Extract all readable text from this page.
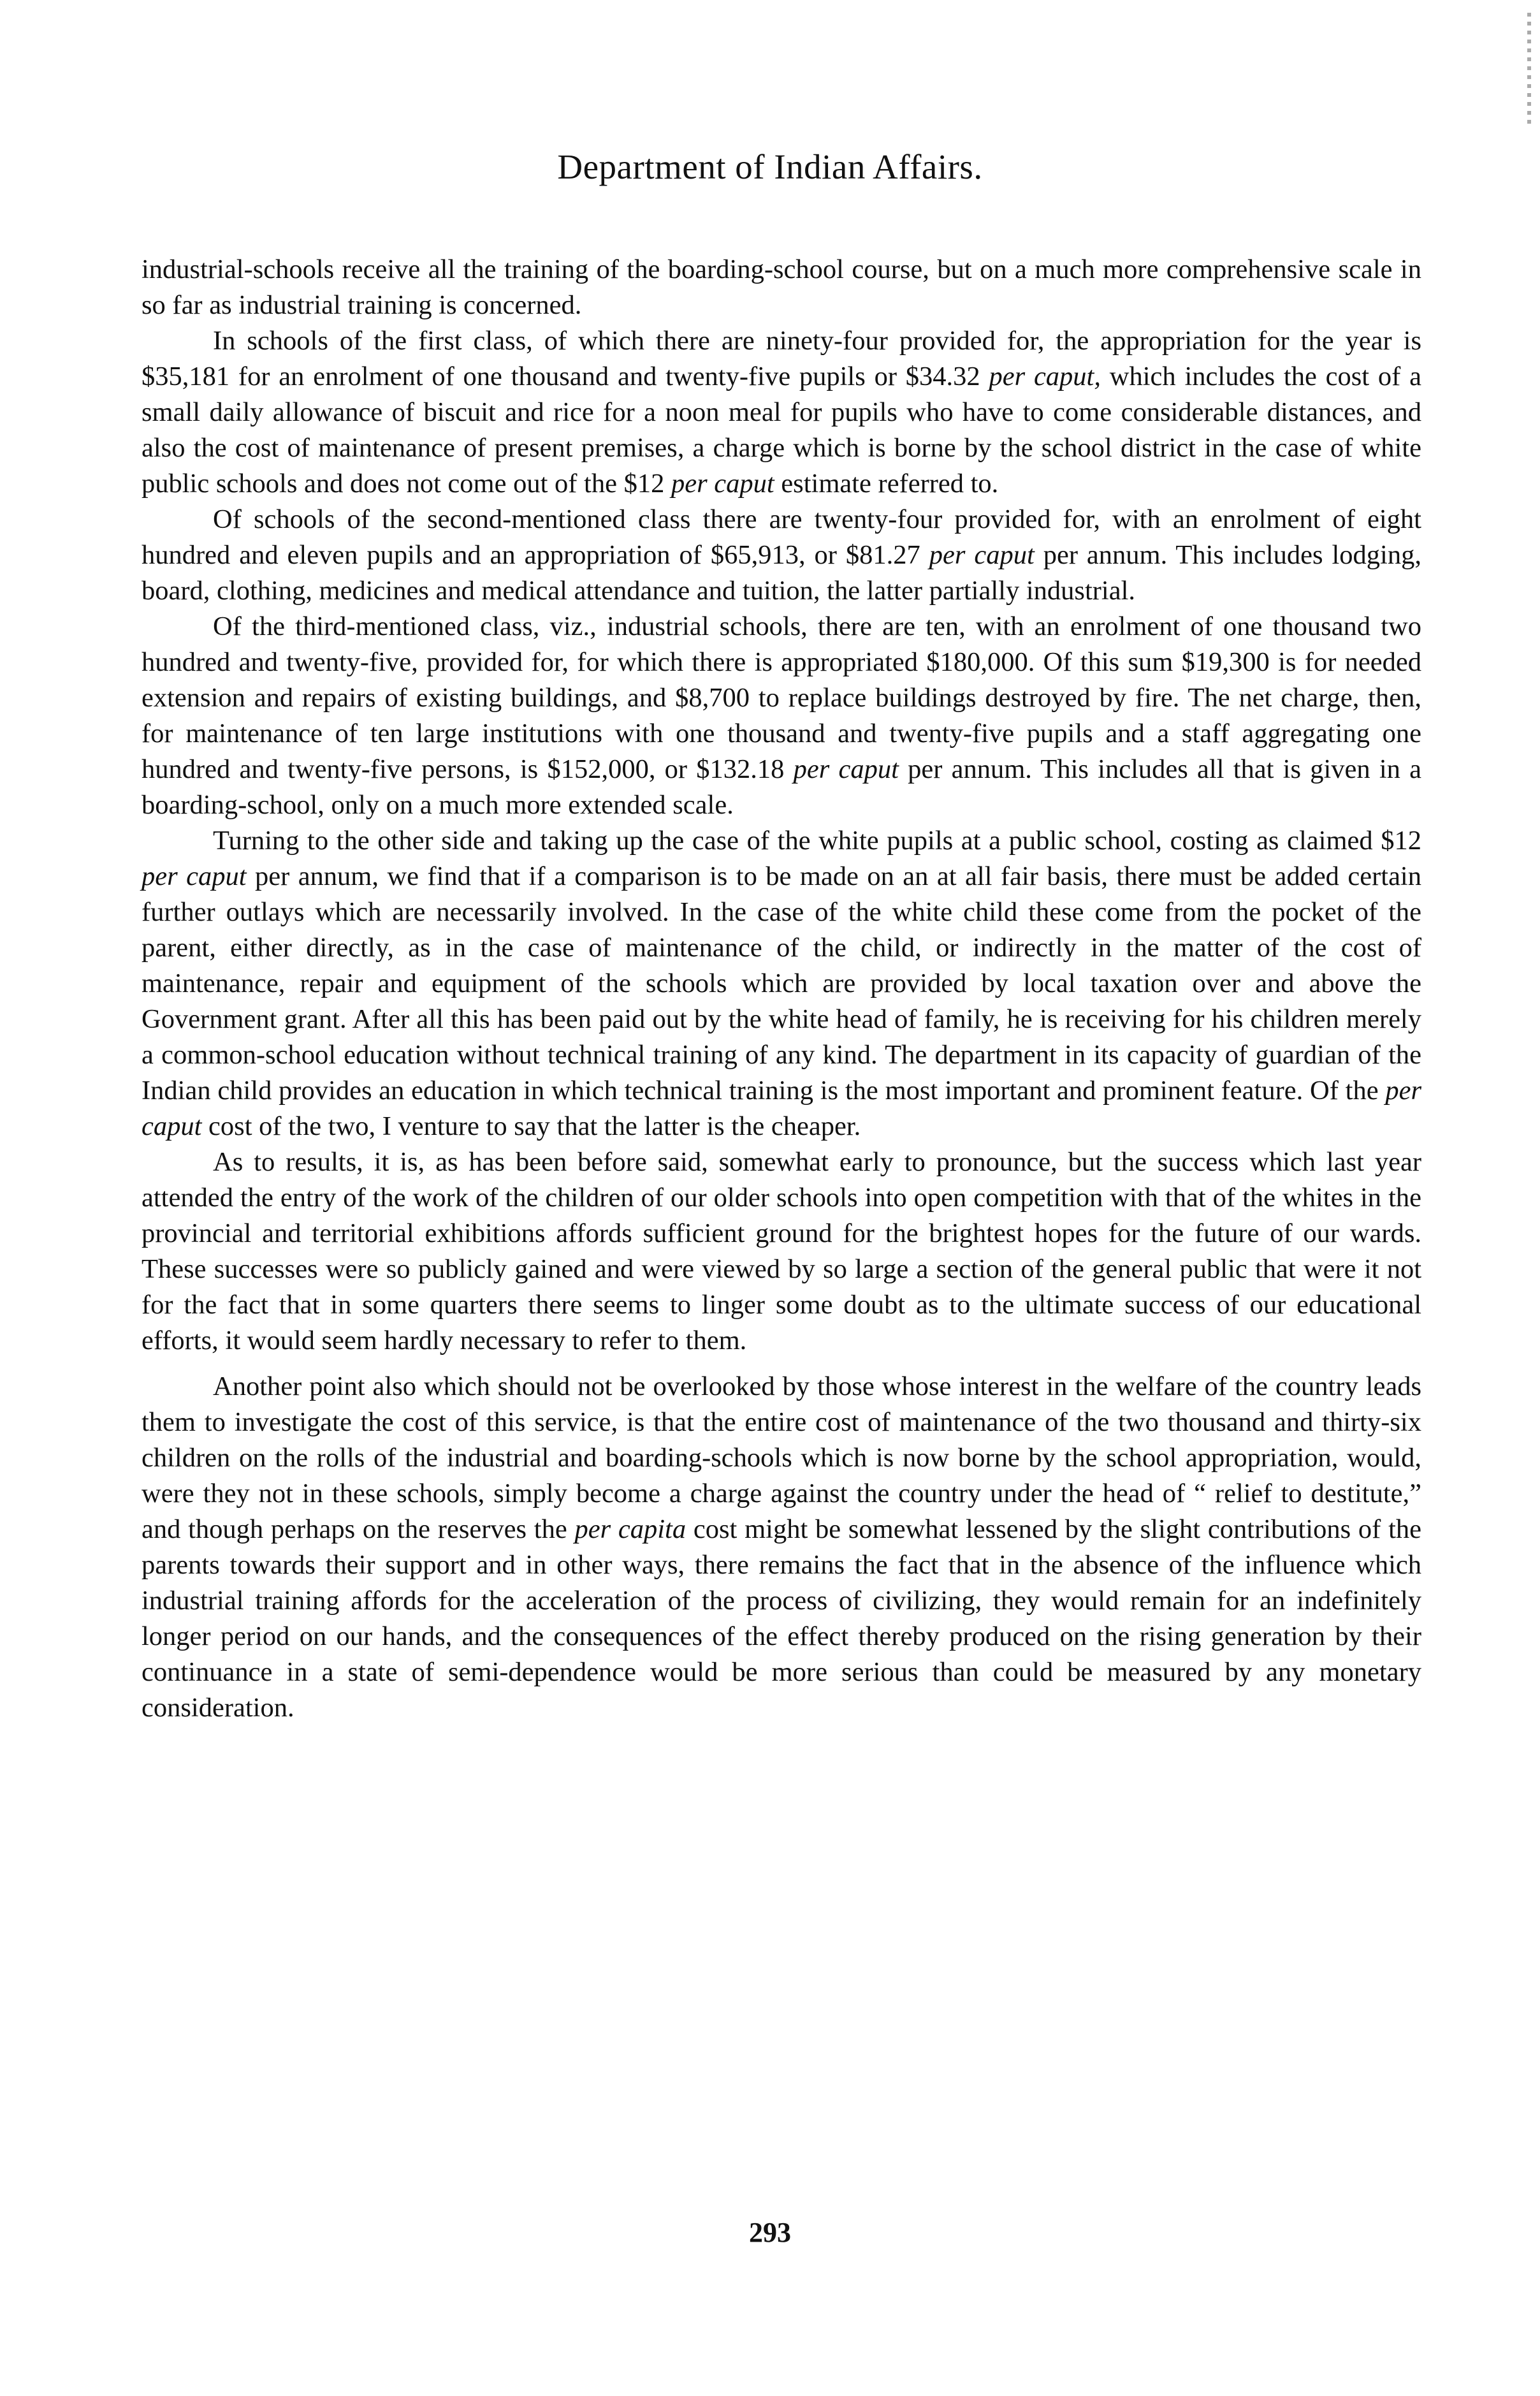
Department of Indian Affairs.

industrial-schools receive all the training of the boarding-school course, but on a much more comprehensive scale in so far as industrial training is concerned.

In schools of the first class, of which there are ninety-four provided for, the appropriation for the year is $35,181 for an enrolment of one thousand and twenty-five pupils or $34.32 per caput, which includes the cost of a small daily allowance of biscuit and rice for a noon meal for pupils who have to come considerable distances, and also the cost of maintenance of present premises, a charge which is borne by the school district in the case of white public schools and does not come out of the $12 per caput estimate referred to.

Of schools of the second-mentioned class there are twenty-four provided for, with an enrolment of eight hundred and eleven pupils and an appropriation of $65,913, or $81.27 per caput per annum. This includes lodging, board, clothing, medicines and medical attendance and tuition, the latter partially industrial.

Of the third-mentioned class, viz., industrial schools, there are ten, with an enrolment of one thousand two hundred and twenty-five, provided for, for which there is appropriated $180,000. Of this sum $19,300 is for needed extension and repairs of existing buildings, and $8,700 to replace buildings destroyed by fire. The net charge, then, for maintenance of ten large institutions with one thousand and twenty-five pupils and a staff aggregating one hundred and twenty-five persons, is $152,000, or $132.18 per caput per annum. This includes all that is given in a boarding-school, only on a much more extended scale.

Turning to the other side and taking up the case of the white pupils at a public school, costing as claimed $12 per caput per annum, we find that if a comparison is to be made on an at all fair basis, there must be added certain further outlays which are necessarily involved. In the case of the white child these come from the pocket of the parent, either directly, as in the case of maintenance of the child, or indirectly in the matter of the cost of maintenance, repair and equipment of the schools which are provided by local taxation over and above the Government grant. After all this has been paid out by the white head of family, he is receiving for his children merely a common-school education without technical training of any kind. The department in its capacity of guardian of the Indian child provides an education in which technical training is the most important and prominent feature. Of the per caput cost of the two, I venture to say that the latter is the cheaper.

As to results, it is, as has been before said, somewhat early to pronounce, but the success which last year attended the entry of the work of the children of our older schools into open competition with that of the whites in the provincial and territorial exhibitions affords sufficient ground for the brightest hopes for the future of our wards. These successes were so publicly gained and were viewed by so large a section of the general public that were it not for the fact that in some quarters there seems to linger some doubt as to the ultimate success of our educational efforts, it would seem hardly necessary to refer to them.

Another point also which should not be overlooked by those whose interest in the welfare of the country leads them to investigate the cost of this service, is that the entire cost of maintenance of the two thousand and thirty-six children on the rolls of the industrial and boarding-schools which is now borne by the school appropriation, would, were they not in these schools, simply become a charge against the country under the head of “ relief to destitute,” and though perhaps on the reserves the per capita cost might be somewhat lessened by the slight contributions of the parents towards their support and in other ways, there remains the fact that in the absence of the influence which industrial training affords for the acceleration of the process of civilizing, they would remain for an indefinitely longer period on our hands, and the consequences of the effect thereby produced on the rising generation by their continuance in a state of semi-dependence would be more serious than could be measured by any monetary consideration.

293
